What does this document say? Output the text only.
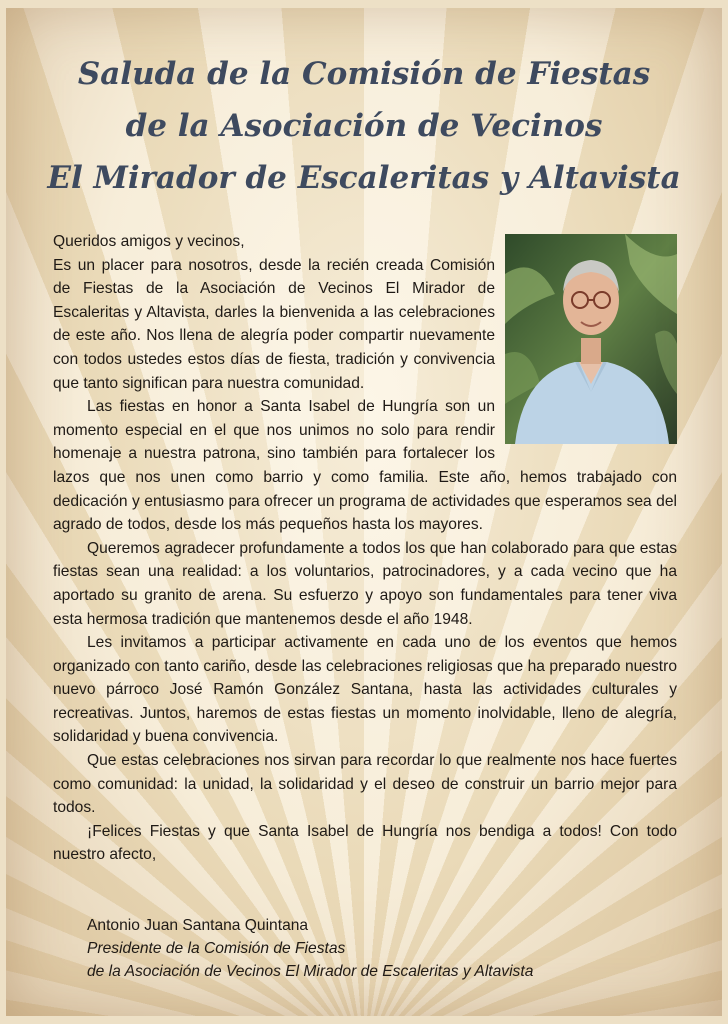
Saluda de la Comisión de Fiestas
de la Asociación de Vecinos
El Mirador de Escaleritas y Altavista

Queridos amigos y vecinos,

Es un placer para nosotros, desde la recién creada Comisión de Fiestas de la Asociación de Vecinos El Mirador de Escaleritas y Altavista, darles la bienvenida a las celebraciones de este año. Nos llena de alegría poder compartir nuevamente con todos ustedes estos días de fiesta, tradición y convivencia que tanto significan para nuestra comunidad.

Las fiestas en honor a Santa Isabel de Hungría son un momento especial en el que nos unimos no solo para rendir homenaje a nuestra patrona, sino también para fortalecer los lazos que nos unen como barrio y como familia. Este año, hemos trabajado con dedicación y entusiasmo para ofrecer un programa de actividades que esperamos sea del agrado de todos, desde los más pequeños hasta los mayores.

Queremos agradecer profundamente a todos los que han colaborado para que estas fiestas sean una realidad: a los voluntarios, patrocinadores, y a cada vecino que ha aportado su granito de arena. Su esfuerzo y apoyo son fundamentales para tener viva esta hermosa tradición que mantenemos desde el año 1948.

Les invitamos a participar activamente en cada uno de los eventos que hemos organizado con tanto cariño, desde las celebraciones religiosas que ha preparado nuestro nuevo párroco José Ramón González Santana, hasta las actividades culturales y recreativas. Juntos, haremos de estas fiestas un momento inolvidable, lleno de alegría, solidaridad y buena convivencia.

Que estas celebraciones nos sirvan para recordar lo que realmente nos hace fuertes como comunidad: la unidad, la solidaridad y el deseo de construir un barrio mejor para todos.

¡Felices Fiestas y que Santa Isabel de Hungría nos bendiga a todos! Con todo nuestro afecto,

Antonio Juan Santana Quintana
Presidente de la Comisión de Fiestas
de la Asociación de Vecinos El Mirador de Escaleritas y Altavista
